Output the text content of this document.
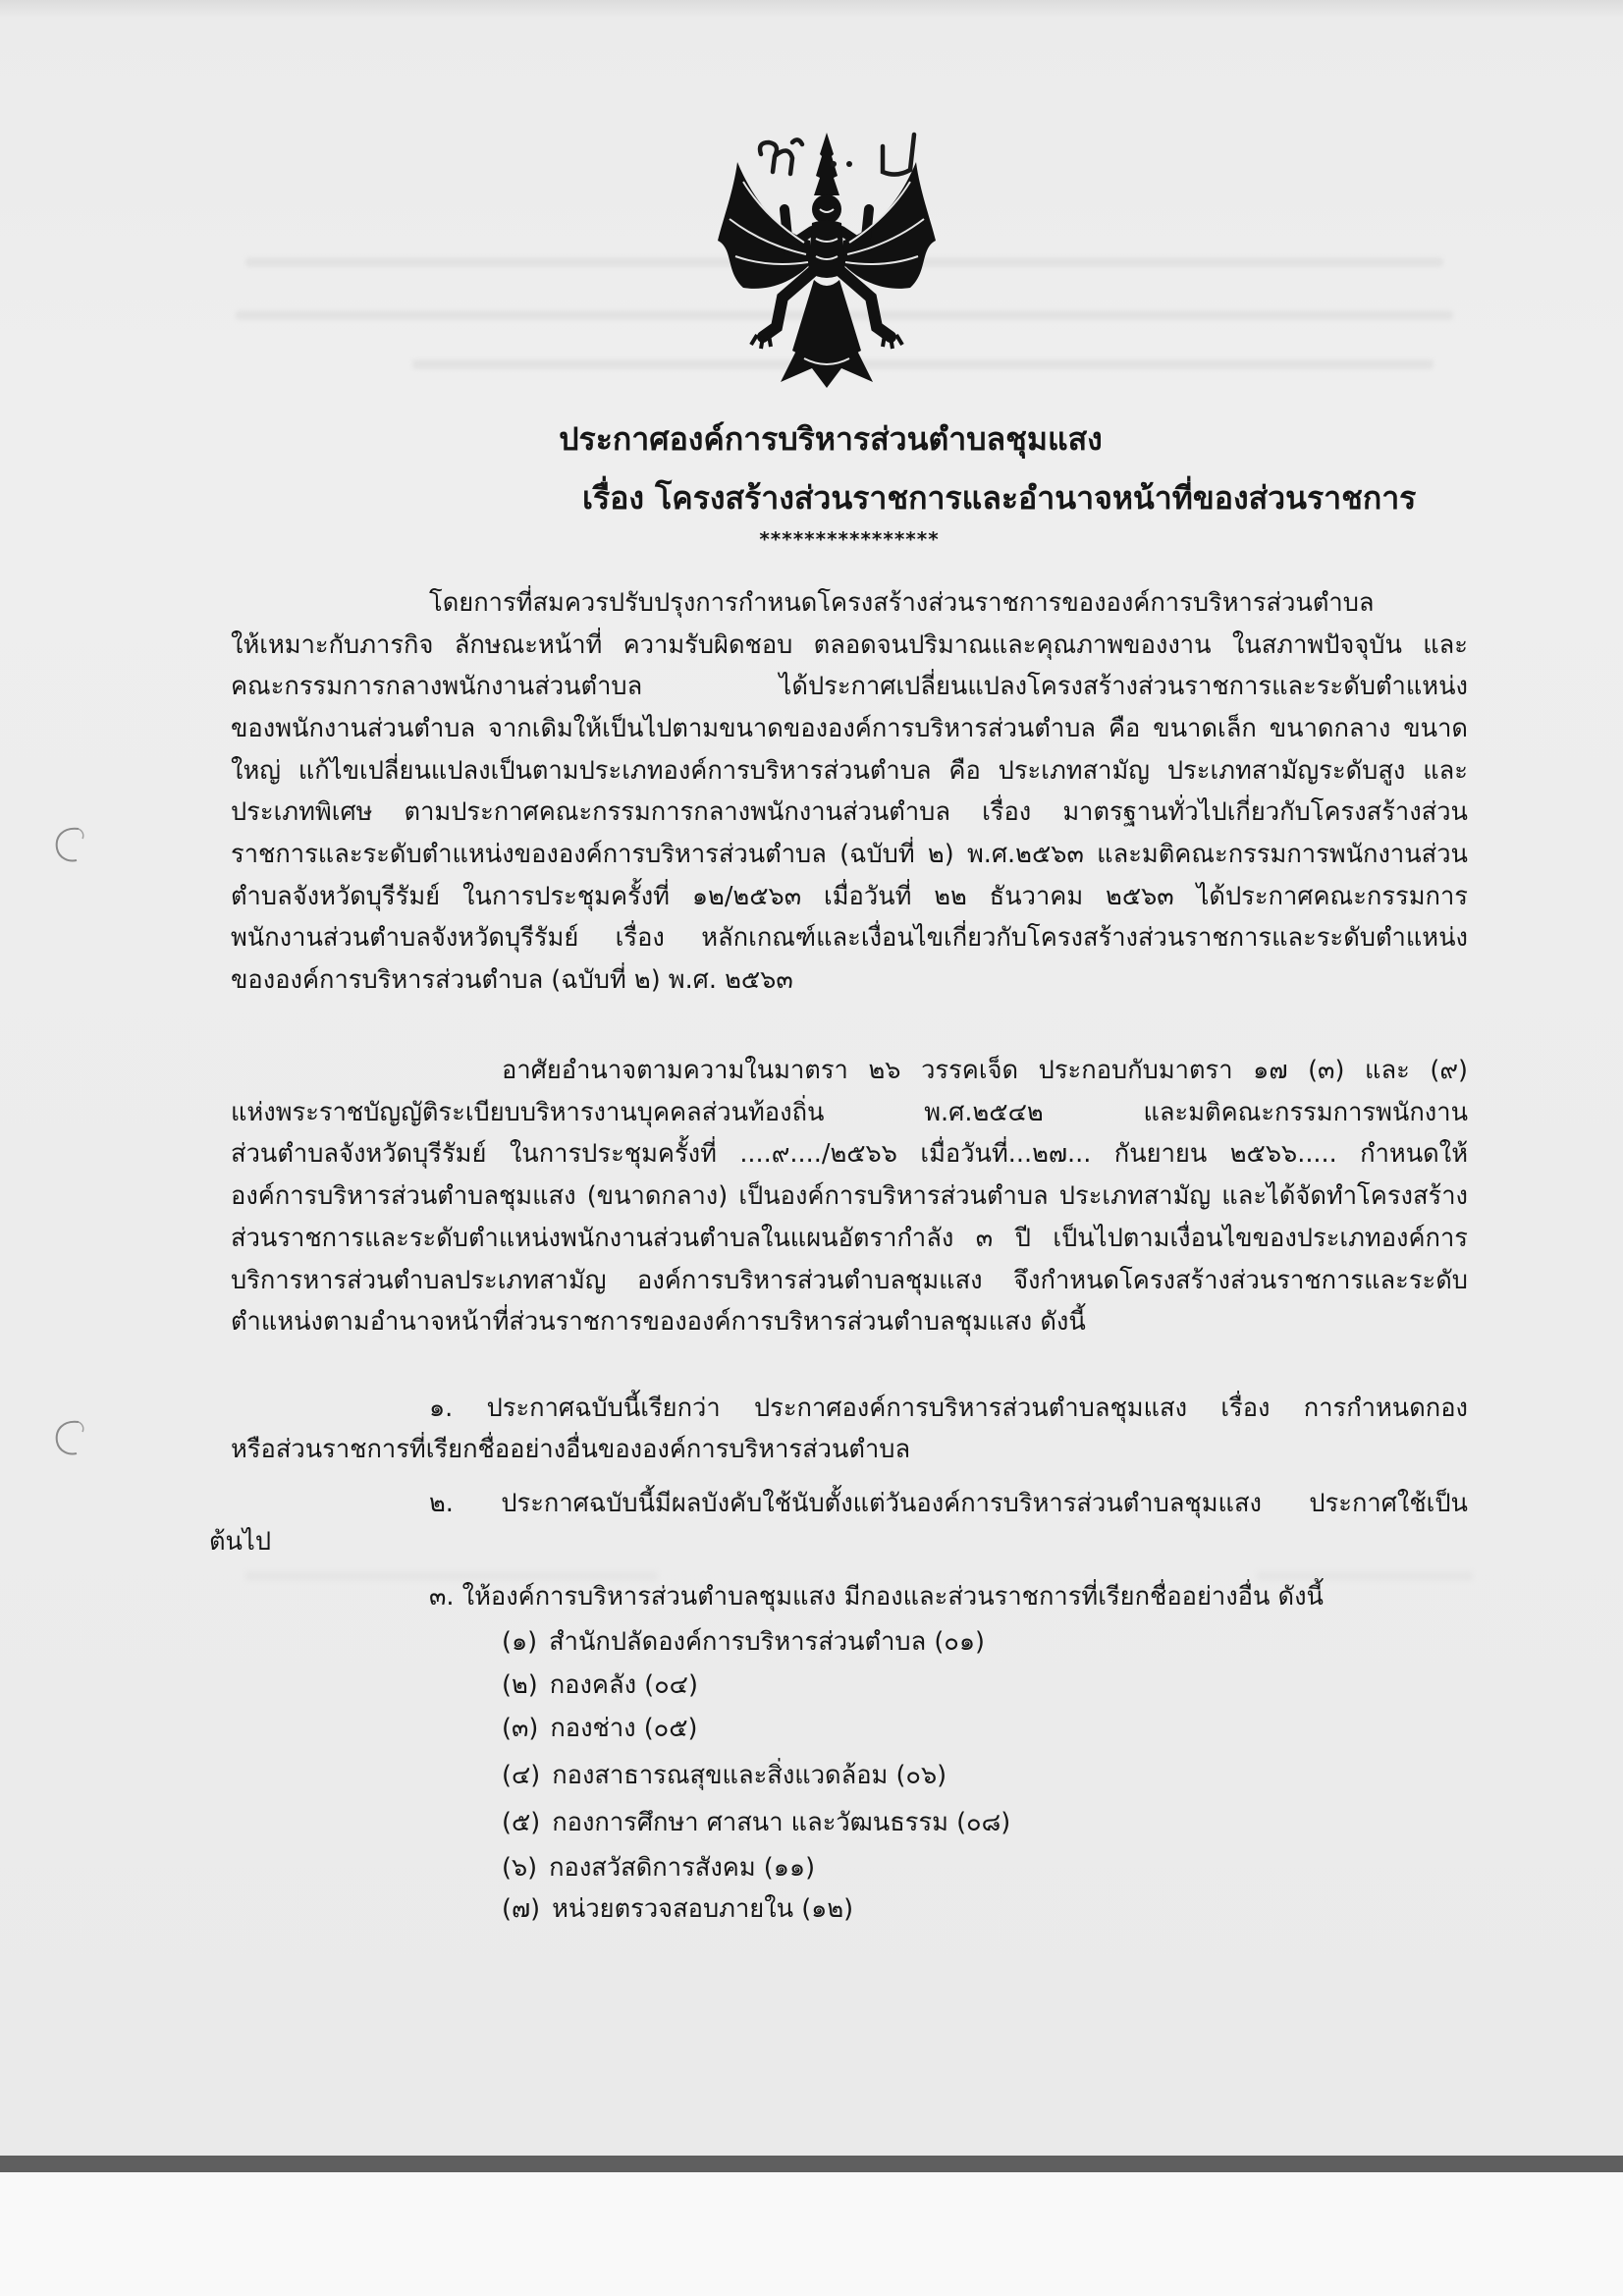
ประกาศองค์การบริหารส่วนตำบลชุมแสง
เรื่อง โครงสร้างส่วนราชการและอำนาจหน้าที่ของส่วนราชการ
****************
โดยการที่สมควรปรับปรุงการกำหนดโครงสร้างส่วนราชการขององค์การบริหารส่วนตำบล
ให้เหมาะกับภารกิจ ลักษณะหน้าที่ ความรับผิดชอบ ตลอดจนปริมาณและคุณภาพของงาน ในสภาพปัจจุบัน และ
คณะกรรมการกลางพนักงานส่วนตำบล ได้ประกาศเปลี่ยนแปลงโครงสร้างส่วนราชการและระดับตำแหน่ง
ของพนักงานส่วนตำบล จากเดิมให้เป็นไปตามขนาดขององค์การบริหารส่วนตำบล คือ ขนาดเล็ก ขนาดกลาง ขนาด
ใหญ่ แก้ไขเปลี่ยนแปลงเป็นตามประเภทองค์การบริหารส่วนตำบล คือ ประเภทสามัญ ประเภทสามัญระดับสูง และ
ประเภทพิเศษ ตามประกาศคณะกรรมการกลางพนักงานส่วนตำบล เรื่อง มาตรฐานทั่วไปเกี่ยวกับโครงสร้างส่วน
ราชการและระดับตำแหน่งขององค์การบริหารส่วนตำบล (ฉบับที่ ๒) พ.ศ.๒๕๖๓ และมติคณะกรรมการพนักงานส่วน
ตำบลจังหวัดบุรีรัมย์ ในการประชุมครั้งที่ ๑๒/๒๕๖๓ เมื่อวันที่ ๒๒ ธันวาคม ๒๕๖๓ ได้ประกาศคณะกรรมการ
พนักงานส่วนตำบลจังหวัดบุรีรัมย์ เรื่อง หลักเกณฑ์และเงื่อนไขเกี่ยวกับโครงสร้างส่วนราชการและระดับตำแหน่ง
ขององค์การบริหารส่วนตำบล (ฉบับที่ ๒) พ.ศ. ๒๕๖๓
อาศัยอำนาจตามความในมาตรา ๒๖ วรรคเจ็ด ประกอบกับมาตรา ๑๗ (๓) และ (๙)
แห่งพระราชบัญญัติระเบียบบริหารงานบุคคลส่วนท้องถิ่น พ.ศ.๒๕๔๒ และมติคณะกรรมการพนักงาน
ส่วนตำบลจังหวัดบุรีรัมย์ ในการประชุมครั้งที่ ....๙..../๒๕๖๖ เมื่อวันที่...๒๗... กันยายน ๒๕๖๖..... กำหนดให้
องค์การบริหารส่วนตำบลชุมแสง (ขนาดกลาง) เป็นองค์การบริหารส่วนตำบล ประเภทสามัญ และได้จัดทำโครงสร้าง
ส่วนราชการและระดับตำแหน่งพนักงานส่วนตำบลในแผนอัตรากำลัง ๓ ปี เป็นไปตามเงื่อนไขของประเภทองค์การ
บริการหารส่วนตำบลประเภทสามัญ องค์การบริหารส่วนตำบลชุมแสง จึงกำหนดโครงสร้างส่วนราชการและระดับ
ตำแหน่งตามอำนาจหน้าที่ส่วนราชการขององค์การบริหารส่วนตำบลชุมแสง ดังนี้
๑. ประกาศฉบับนี้เรียกว่า ประกาศองค์การบริหารส่วนตำบลชุมแสง เรื่อง การกำหนดกอง
หรือส่วนราชการที่เรียกชื่ออย่างอื่นขององค์การบริหารส่วนตำบล
๒. ประกาศฉบับนี้มีผลบังคับใช้นับตั้งแต่วันองค์การบริหารส่วนตำบลชุมแสง ประกาศใช้เป็น
ต้นไป
๓. ให้องค์การบริหารส่วนตำบลชุมแสง มีกองและส่วนราชการที่เรียกชื่ออย่างอื่น ดังนี้
(๑) สำนักปลัดองค์การบริหารส่วนตำบล (๐๑)
(๒) กองคลัง (๐๔)
(๓) กองช่าง (๐๕)
(๔) กองสาธารณสุขและสิ่งแวดล้อม (๐๖)
(๕) กองการศึกษา ศาสนา และวัฒนธรรม (๐๘)
(๖) กองสวัสดิการสังคม (๑๑)
(๗) หน่วยตรวจสอบภายใน (๑๒)
